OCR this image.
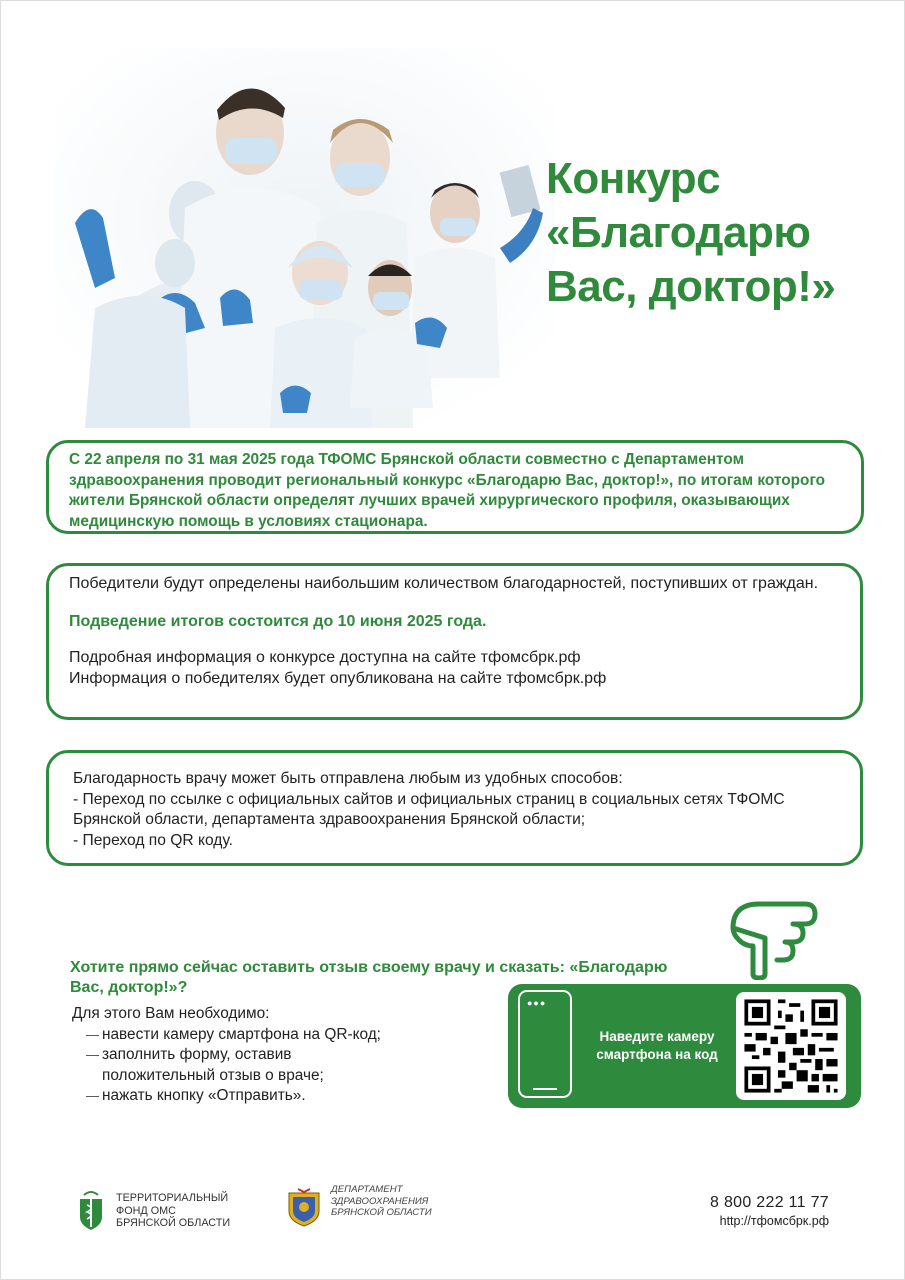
Конкурс
«Благодарю
Вас, доктор!»

С 22 апреля по 31 мая 2025 года ТФОМС Брянской области совместно с Департаментом здравоохранения проводит региональный конкурс «Благодарю Вас, доктор!», по итогам которого жители Брянской области определят лучших врачей хирургического профиля, оказывающих медицинскую помощь в условиях стационара.

Победители будут определены наибольшим количеством благодарностей, поступивших от граждан.

Подведение итогов состоится до 10 июня 2025 года.

Подробная информация о конкурсе доступна на сайте тфомсбрк.рф

Информация о победителях будет опубликована на сайте тфомсбрк.рф

Благодарность врачу может быть отправлена любым из удобных способов:

- Переход по ссылке с официальных сайтов и официальных страниц в социальных сетях ТФОМС Брянской области, департамента здравоохранения Брянской области;

- Переход по QR коду.

Хотите прямо сейчас оставить отзыв своему врачу и сказать: «Благодарю Вас, доктор!»?
Для этого Вам необходимо:
— навести камеру смартфона на QR-код;
— заполнить форму, оставив положительный отзыв о враче;
— нажать кнопку «Отправить».
●●●
Наведите камеру смартфона на код
ТЕРРИТОРИАЛЬНЫЙ
ФОНД ОМС
БРЯНСКОЙ ОБЛАСТИ
ДЕПАРТАМЕНТ
ЗДРАВООХРАНЕНИЯ
БРЯНСКОЙ ОБЛАСТИ
8 800 222 11 77
http://тфомсбрк.рф
